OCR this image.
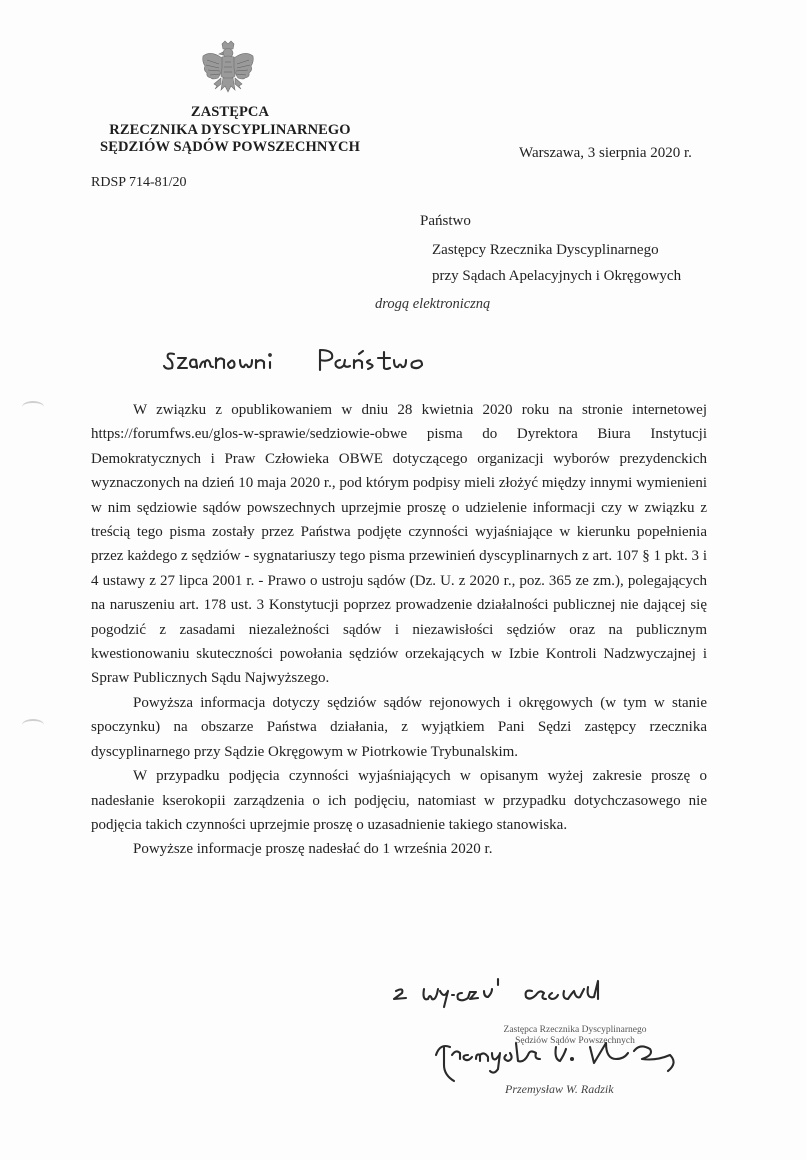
ZASTĘPCA
RZECZNIKA DYSCYPLINARNEGO
SĘDZIÓW SĄDÓW POWSZECHNYCH	Warszawa, 3 sierpnia 2020 r.
RDSP 714-81/20
Państwo
Zastępcy Rzecznika Dyscyplinarnego
przy Sądach Apelacyjnych i Okręgowych
drogą elektroniczną

W związku z opublikowaniem w dniu 28 kwietnia 2020 roku na stronie internetowej https://forumfws.eu/glos-w-sprawie/sedziowie-obwe pisma do Dyrektora Biura Instytucji Demokratycznych i Praw Człowieka OBWE dotyczącego organizacji wyborów prezydenckich wyznaczonych na dzień 10 maja 2020 r., pod którym podpisy mieli złożyć między innymi wymienieni w nim sędziowie sądów powszechnych uprzejmie proszę o udzielenie informacji czy w związku z treścią tego pisma zostały przez Państwa podjęte czynności wyjaśniające w kierunku popełnienia przez każdego z sędziów - sygnatariuszy tego pisma przewinień dyscyplinarnych z art. 107 § 1 pkt. 3 i 4 ustawy z 27 lipca 2001 r. - Prawo o ustroju sądów (Dz. U. z 2020 r., poz. 365 ze zm.), polegających na naruszeniu art. 178 ust. 3 Konstytucji poprzez prowadzenie działalności publicznej nie dającej się pogodzić z zasadami niezależności sądów i niezawisłości sędziów oraz na publicznym kwestionowaniu skuteczności powołania sędziów orzekających w Izbie Kontroli Nadzwyczajnej i Spraw Publicznych Sądu Najwyższego.

Powyższa informacja dotyczy sędziów sądów rejonowych i okręgowych (w tym w stanie spoczynku) na obszarze Państwa działania, z wyjątkiem Pani Sędzi zastępcy rzecznika dyscyplinarnego przy Sądzie Okręgowym w Piotrkowie Trybunalskim.

W przypadku podjęcia czynności wyjaśniających w opisanym wyżej zakresie proszę o nadesłanie kserokopii zarządzenia o ich podjęciu, natomiast w przypadku dotychczasowego nie podjęcia takich czynności uprzejmie proszę o uzasadnienie takiego stanowiska.

Powyższe informacje proszę nadesłać do 1 września 2020 r.

Zastępca Rzecznika Dyscyplinarnego
Sędziów Sądów Powszechnych
Przemysław W. Radzik
